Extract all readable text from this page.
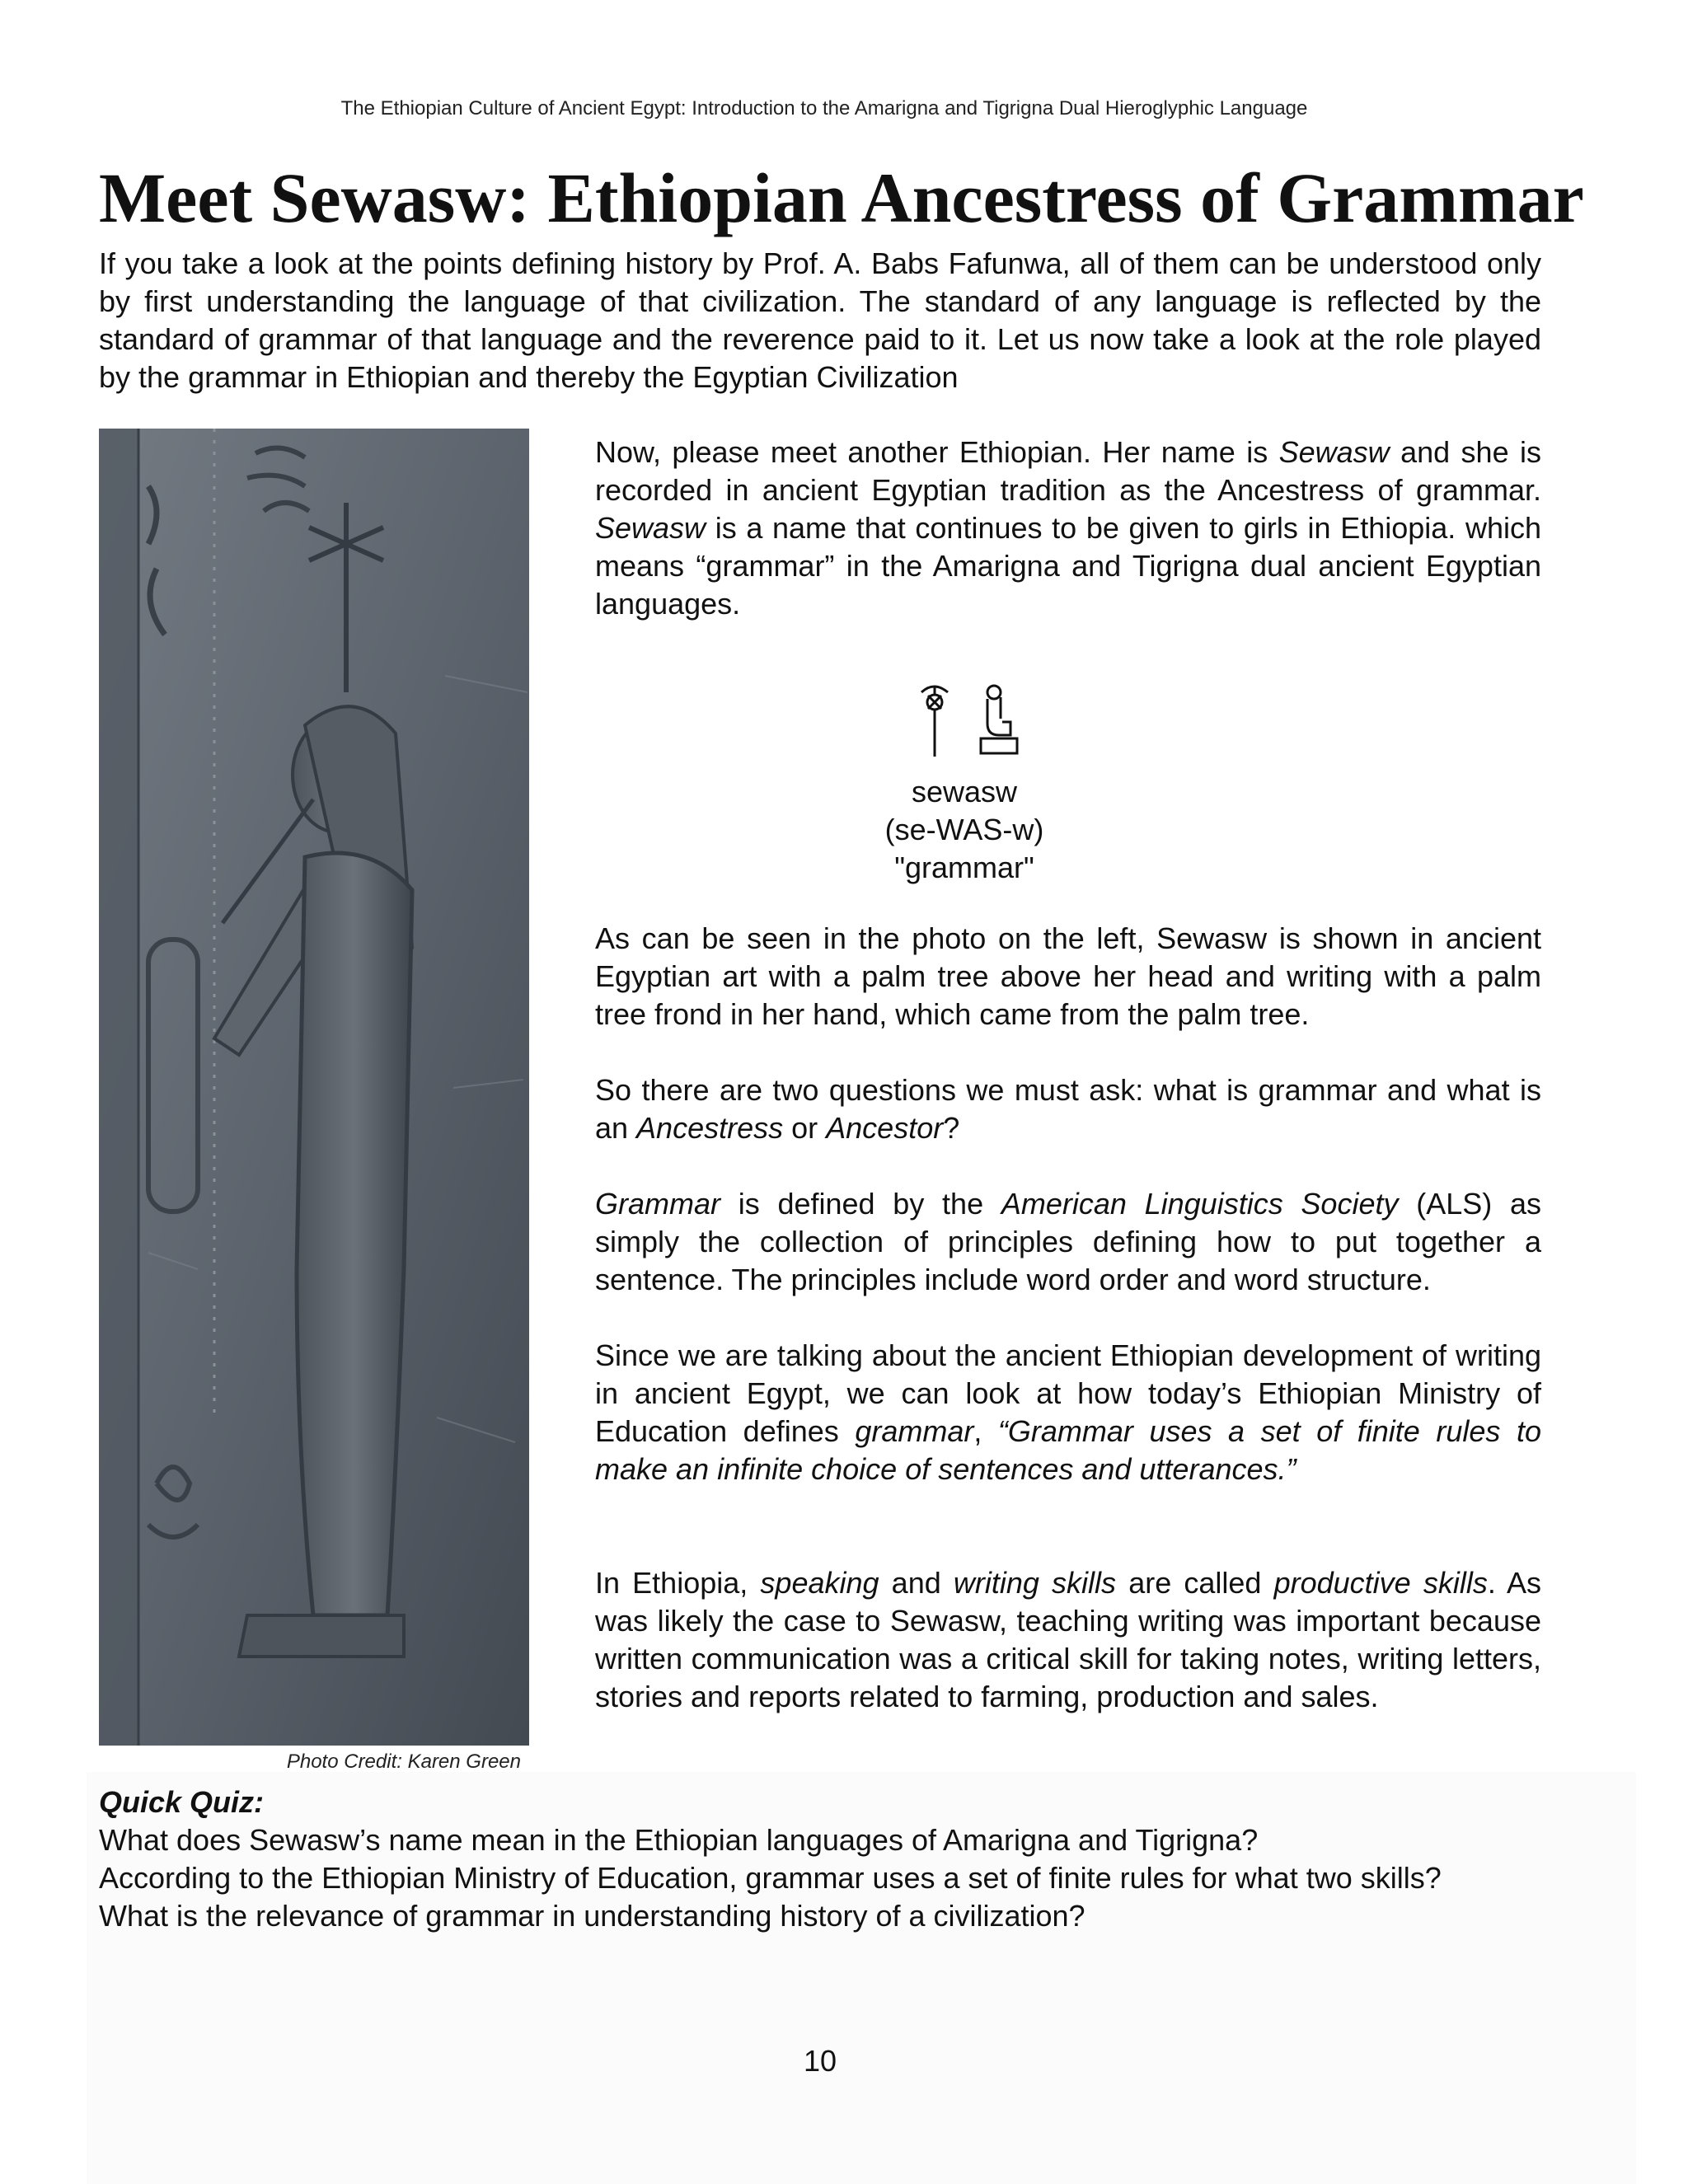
The Ethiopian Culture of Ancient Egypt: Introduction to the Amarigna and Tigrigna Dual Hieroglyphic Language
Meet Sewasw: Ethiopian Ancestress of Grammar

If you take a look at the points defining history by Prof. A. Babs Fafunwa, all of them can be understood only by first understanding the language of that civilization. The standard of any language is reflected by the standard of grammar of that language and the reverence paid to it. Let us now take a look at the role played by the grammar in Ethiopian and thereby the Egyptian Civilization

Photo Credit: Karen Green

Now, please meet another Ethiopian. Her name is Sewasw and she is recorded in ancient Egyptian tradition as the Ancestress of grammar. Sewasw is a name that continues to be given to girls in Ethiopia. which means “grammar” in the Amarigna and Tigrigna dual ancient Egyptian languages.

sewasw
(se-WAS-w)
"grammar"

As can be seen in the photo on the left, Sewasw is shown in ancient Egyptian art with a palm tree above her head and writing with a palm tree frond in her hand, which came from the palm tree.

So there are two questions we must ask: what is grammar and what is an Ancestress or Ancestor?

Grammar is defined by the American Linguistics Society (ALS) as simply the collection of principles defining how to put together a sentence. The principles include word order and word structure.

Since we are talking about the ancient Ethiopian development of writing in ancient Egypt, we can look at how today’s Ethiopian Ministry of Education defines grammar, “Grammar uses a set of finite rules to make an infinite choice of sentences and utterances.”

In Ethiopia, speaking and writing skills are called productive skills. As was likely the case to Sewasw, teaching writing was important because written communication was a critical skill for taking notes, writing letters, stories and reports related to farming, production and sales.

Quick Quiz:
What does Sewasw’s name mean in the Ethiopian languages of Amarigna and Tigrigna?
According to the Ethiopian Ministry of Education, grammar uses a set of finite rules for what two skills?
What is the relevance of grammar in understanding history of a civilization?
10
